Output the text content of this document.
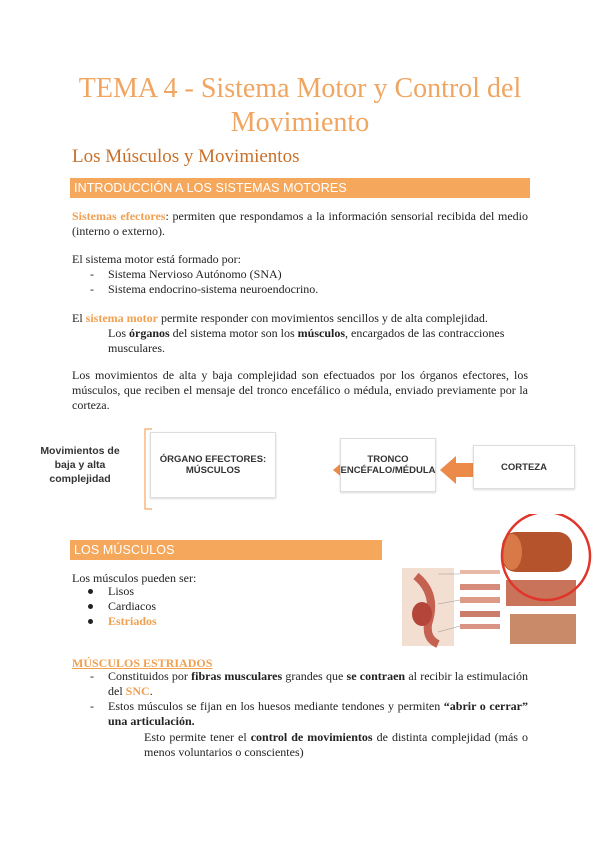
TEMA 4 - Sistema Motor y Control del Movimiento
Los Músculos y Movimientos
INTRODUCCIÓN A LOS SISTEMAS MOTORES
Sistemas efectores: permiten que respondamos a la información sensorial recibida del medio (interno o externo).
El sistema motor está formado por:
- Sistema Nervioso Autónomo (SNA)
- Sistema endocrino-sistema neuroendocrino.
El sistema motor permite responder con movimientos sencillos y de alta complejidad.
Los órganos del sistema motor son los músculos, encargados de las contracciones musculares.
Los movimientos de alta y baja complejidad son efectuados por los órganos efectores, los músculos, que reciben el mensaje del tronco encefálico o médula, enviado previamente por la corteza.
Movimientos de baja y alta complejidad
ÓRGANO EFECTORES: MÚSCULOS
TRONCO ENCÉFALO/MÉDULA	CORTEZA
LOS MÚSCULOS
Los músculos pueden ser:
Lisos
Cardiacos
Estriados
MÚSCULOS ESTRIADOS
- Constituidos por fibras musculares grandes que se contraen al recibir la estimulación del SNC.
- Estos músculos se fijan en los huesos mediante tendones y permiten “abrir o cerrar” una articulación.
Esto permite tener el control de movimientos de distinta complejidad (más o menos voluntarios o conscientes)
